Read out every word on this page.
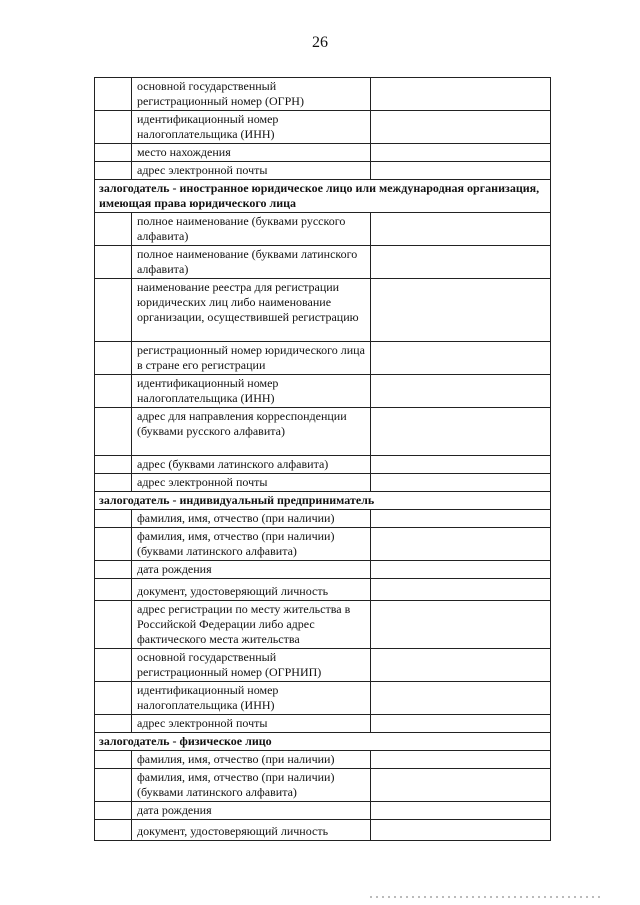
26
	основной государственный регистрационный номер (ОГРН)	
	идентификационный номер налогоплательщика (ИНН)	
	место нахождения	
	адрес электронной почты	
залогодатель - иностранное юридическое лицо или международная организация, имеющая права юридического лица		
	полное наименование (буквами русского алфавита)	
	полное наименование (буквами латинского алфавита)	
	наименование реестра для регистрации юридических лиц либо наименование организации, осуществившей регистрацию	
	регистрационный номер юридического лица в стране его регистрации	
	идентификационный номер налогоплательщика (ИНН)	
	адрес для направления корреспонденции (буквами русского алфавита)	
	адрес (буквами латинского алфавита)	
	адрес электронной почты	
залогодатель - индивидуальный предприниматель		
	фамилия, имя, отчество (при наличии)	
	фамилия, имя, отчество (при наличии) (буквами латинского алфавита)	
	дата рождения	
	документ, удостоверяющий личность	
	адрес регистрации по месту жительства в Российской Федерации либо адрес фактического места жительства	
	основной государственный регистрационный номер (ОГРНИП)	
	идентификационный номер налогоплательщика (ИНН)	
	адрес электронной почты	
залогодатель - физическое лицо		
	фамилия, имя, отчество (при наличии)	
	фамилия, имя, отчество (при наличии) (буквами латинского алфавита)	
	дата рождения	
	документ, удостоверяющий личность	
